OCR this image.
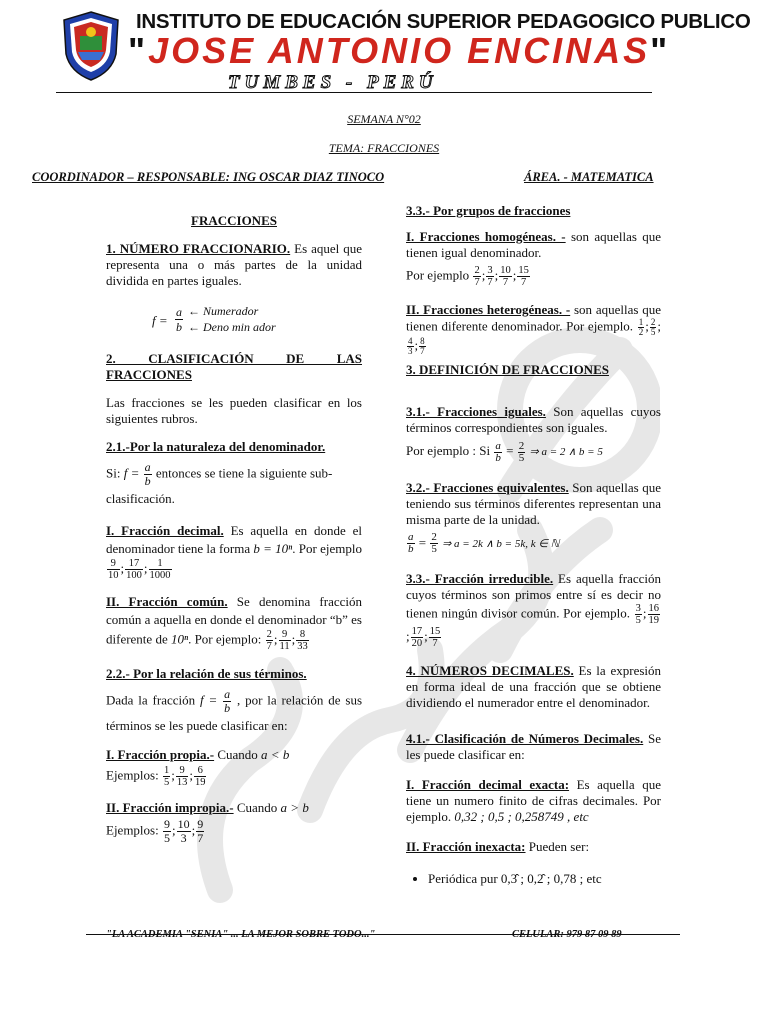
INSTITUTO DE EDUCACIÓN SUPERIOR PEDAGOGICO PUBLICO
"JOSE ANTONIO ENCINAS"
TUMBES - PERÚ
SEMANA N°02
TEMA: FRACCIONES
COORDINADOR – RESPONSABLE: ING OSCAR DIAZ TINOCO	ÁREA. - MATEMATICA

FRACCIONES

1. NÚMERO FRACCIONARIO. Es aquel que representa una o más partes de la unidad dividida en partes iguales.

$f = \frac{a}{b}$ ← Numerador
← Deno min ador

2. CLASIFICACIÓN DE LAS FRACCIONES

Las fracciones se les pueden clasificar en los siguientes rubros.

2.1.-Por la naturaleza del denominador.

Si: $f = \frac{a}{b}$ entonces se tiene la siguiente sub-clasificación.

I. Fracción decimal. Es aquella en donde el denominador tiene la forma b = 10ⁿ. Por ejemplo
$\frac{9}{10}$ ; $\frac{17}{100}$ ; $\frac{1}{1000}$

II. Fracción común. Se denomina fracción común a aquella en donde el denominador “b” es diferente de 10ⁿ. Por ejemplo: $\frac{2}{7}$ ; $\frac{9}{11}$ ; $\frac{8}{33}$

2.2.- Por la relación de sus términos.

Dada la fracción $f = \frac{a}{b}$ , por la relación de sus términos se les puede clasificar en:

I. Fracción propia.- Cuando a < b

Ejemplos: $\frac{1}{5}$ ; $\frac{9}{13}$ ; $\frac{6}{19}$

II. Fracción impropia.- Cuando a > b

Ejemplos: $\frac{9}{5}$ ; $\frac{10}{3}$ ; $\frac{9}{7}$

3.3.- Por grupos de fracciones

I. Fracciones homogéneas. - son aquellas que tienen igual denominador.

Por ejemplo $\frac{2}{7}$ ; $\frac{3}{7}$ ; $\frac{10}{7}$ ; $\frac{15}{7}$

II. Fracciones heterogéneas. - son aquellas que tienen diferente denominador. Por ejemplo. $\frac{1}{2}$ ; $\frac{2}{5}$ ;
$\frac{4}{3}$ ; $\frac{8}{7}$

3. DEFINICIÓN DE FRACCIONES

3.1.- Fracciones iguales. Son aquellas cuyos términos correspondientes son iguales.

Por ejemplo : Si $\frac{a}{b} = \frac{2}{5}$ ⇒ a = 2 ∧ b = 5

3.2.- Fracciones equivalentes. Son aquellas que teniendo sus términos diferentes representan una misma parte de la unidad.

$\frac{a}{b} = \frac{2}{5}$ ⇒ a = 2k ∧ b = 5k, k ∈ ℕ

3.3.- Fracción irreducible. Es aquella fracción cuyos términos son primos entre sí es decir no tienen ningún divisor común. Por ejemplo. $\frac{3}{5}$ ; $\frac{16}{19}$
; $\frac{17}{20}$ ; $\frac{15}{7}$

4. NÚMEROS DECIMALES. Es la expresión en forma ideal de una fracción que se obtiene dividiendo el numerador entre el denominador.

4.1.- Clasificación de Números Decimales. Se les puede clasificar en:

I. Fracción decimal exacta: Es aquella que tiene un numero finito de cifras decimales. Por ejemplo. 0,32 ; 0,5 ; 0,258749 , etc

II. Fracción inexacta: Pueden ser:

• Periódica pur 0,3̂ ; 0,2̂ ; 0,78 ; etc
"LA ACADEMIA "SENIA" ... LA MEJOR SOBRE TODO..."	CELULAR: 979 87 09 89
